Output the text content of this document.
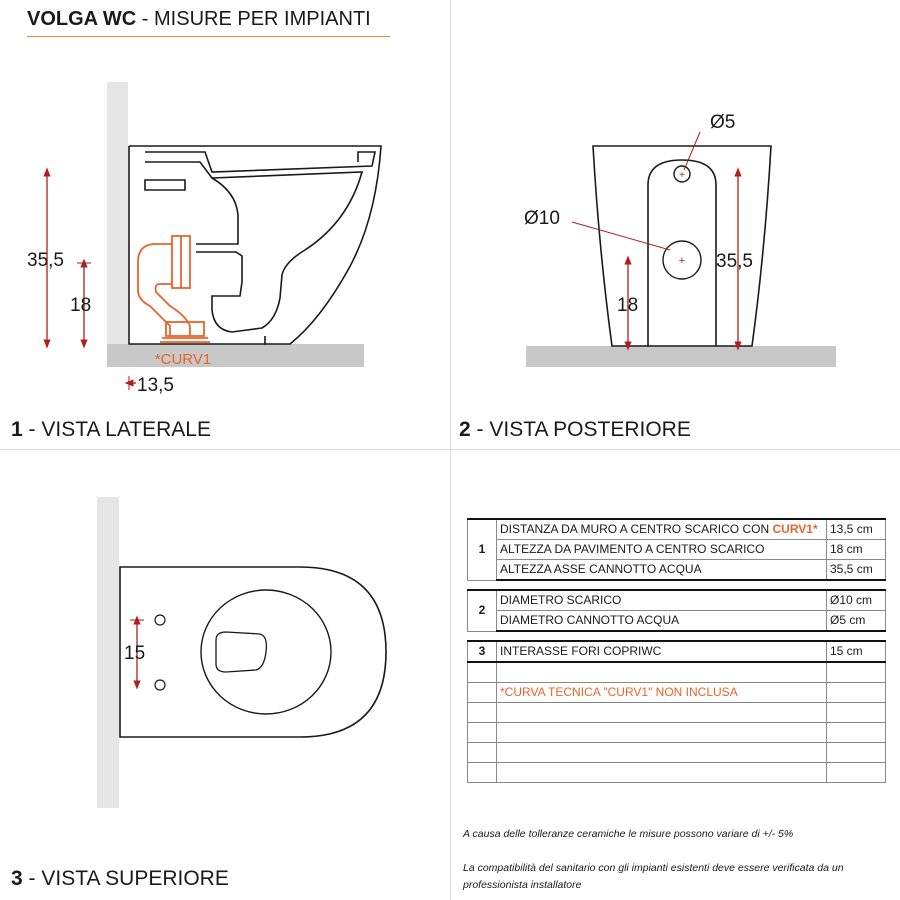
VOLGA WC - MISURE PER IMPIANTI
*CURV1
35,5
18
13,5
1 - VISTA LATERALE
+
+
Ø5
Ø10
35,5
18
2 - VISTA POSTERIORE
15
3 - VISTA SUPERIORE
1	DISTANZA DA MURO A CENTRO SCARICO CON CURV1*	13,5 cm
	ALTEZZA DA PAVIMENTO A CENTRO SCARICO	18 cm
	ALTEZZA ASSE CANNOTTO ACQUA	35,5 cm

2	DIAMETRO SCARICO	Ø10 cm
	DIAMETRO CANNOTTO ACQUA	Ø5 cm

3	INTERASSE FORI COPRIWC	15 cm

	*CURVA TECNICA "CURV1" NON INCLUSA	

A causa delle tolleranze ceramiche le misure possono variare di +/- 5%
La compatibilità del sanitario con gli impianti esistenti deve essere verificata da un professionista installatore
